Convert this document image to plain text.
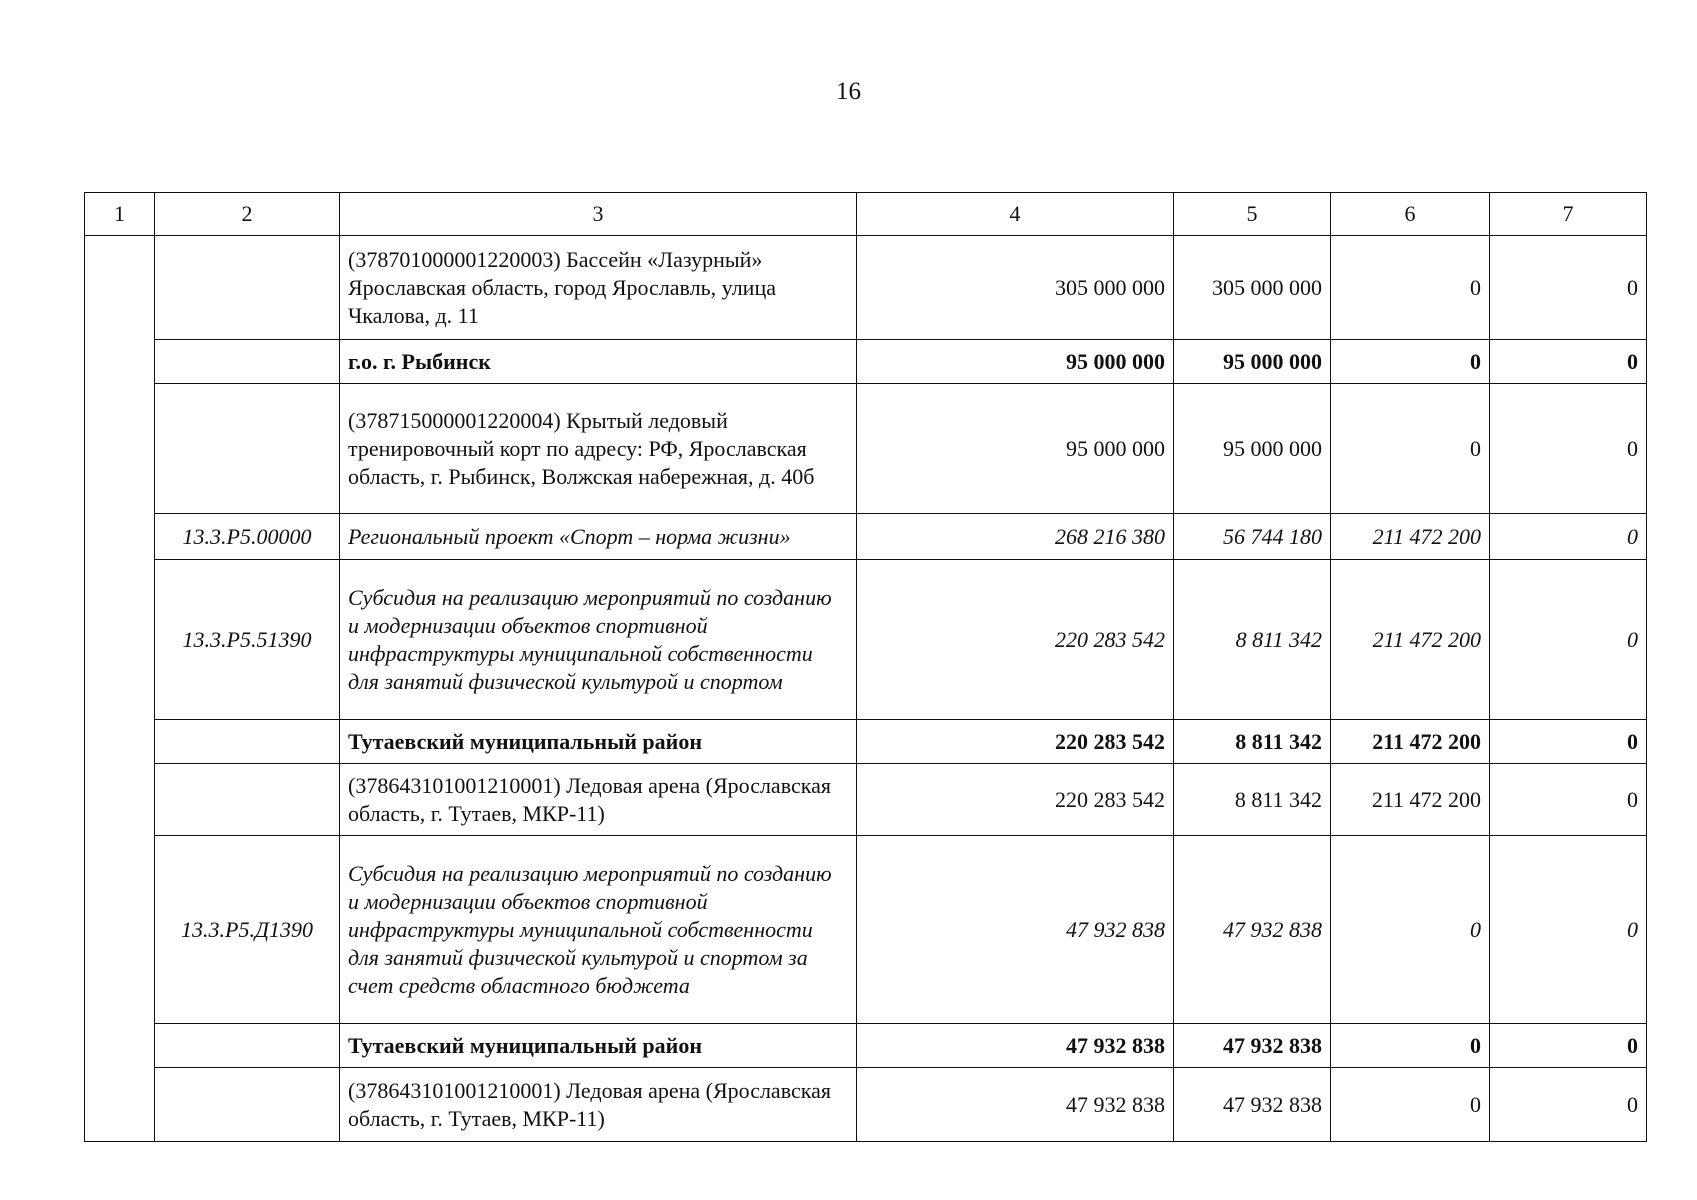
16
1	2	3	4	5	6	7
		(378701000001220003) Бассейн «Лазурный» Ярославская область, город Ярославль, улица Чкалова, д. 11	305 000 000	305 000 000	0	0
		г.о. г. Рыбинск	95 000 000	95 000 000	0	0
		(378715000001220004) Крытый ледовый тренировочный корт по адресу: РФ, Ярославская область, г. Рыбинск, Волжская набережная, д. 40б	95 000 000	95 000 000	0	0
	13.3.Р5.00000	Региональный проект «Спорт – норма жизни»	268 216 380	56 744 180	211 472 200	0
	13.3.Р5.51390	Субсидия на реализацию мероприятий по созданию и модернизации объектов спортивной инфраструктуры муниципальной собственности для занятий физической культурой и спортом	220 283 542	8 811 342	211 472 200	0
		Тутаевский муниципальный район	220 283 542	8 811 342	211 472 200	0
		(378643101001210001) Ледовая арена (Ярославская область, г. Тутаев, МКР-11)	220 283 542	8 811 342	211 472 200	0
	13.3.Р5.Д1390	Субсидия на реализацию мероприятий по созданию и модернизации объектов спортивной инфраструктуры муниципальной собственности для занятий физической культурой и спортом за счет средств областного бюджета	47 932 838	47 932 838	0	0
		Тутаевский муниципальный район	47 932 838	47 932 838	0	0
		(378643101001210001) Ледовая арена (Ярославская область, г. Тутаев, МКР-11)	47 932 838	47 932 838	0	0
